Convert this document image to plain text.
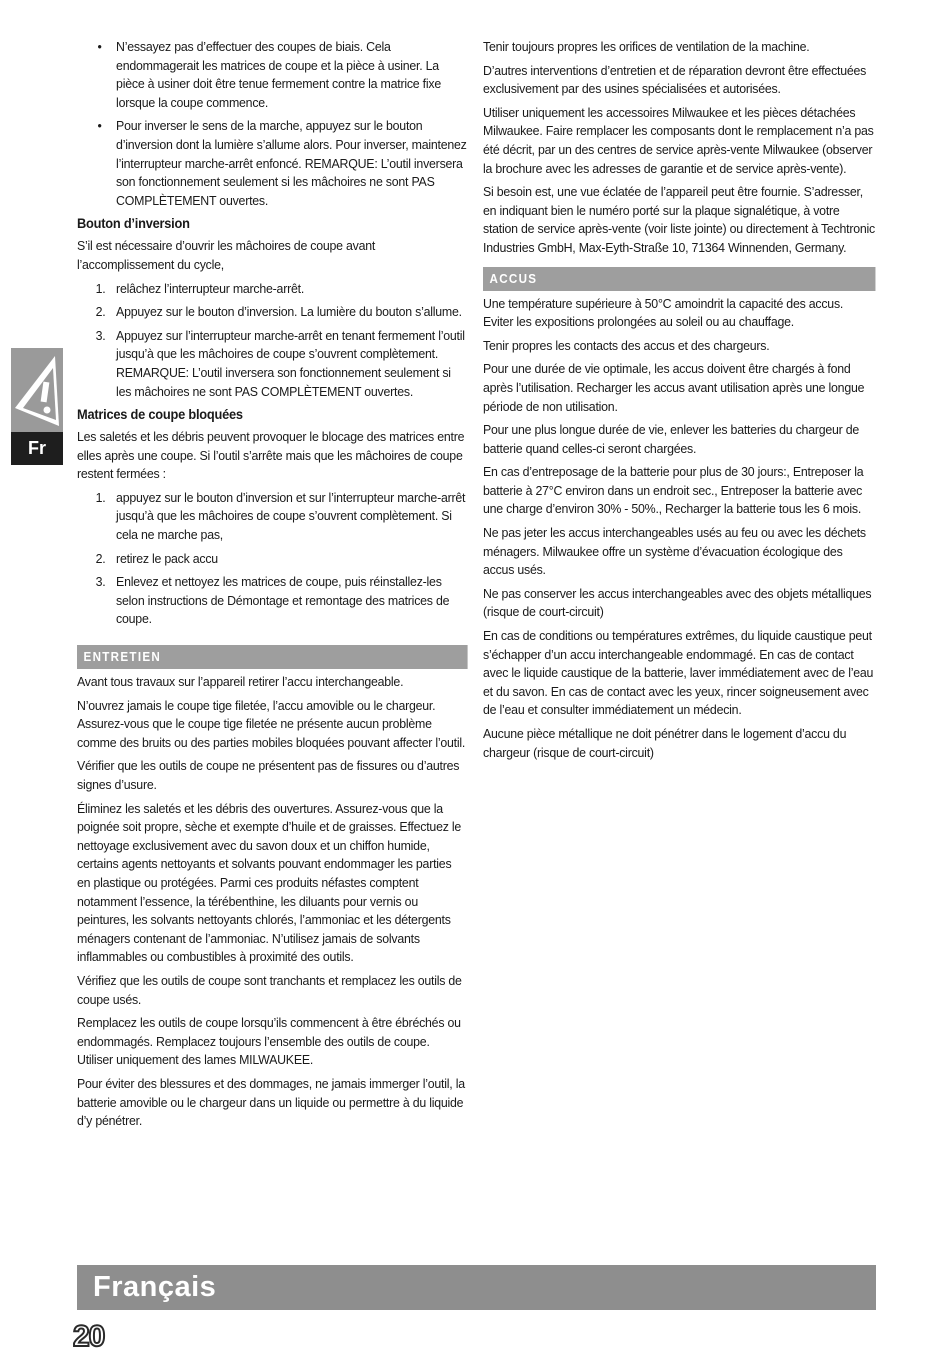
Fr
• N’essayez pas d’effectuer des coupes de biais. Cela endommagerait les matrices de coupe et la pièce à usiner. La pièce à usiner doit être tenue fermement contre la matrice fixe lorsque la coupe commence.
• Pour inverser le sens de la marche, appuyez sur le bouton d’inversion dont la lumière s’allume alors. Pour inverser, maintenez l’interrupteur marche-arrêt enfoncé. REMARQUE: L’outil inversera son fonctionnement seulement si les mâchoires ne sont PAS COMPLÈTEMENT ouvertes.
Bouton d’inversion

S’il est nécessaire d’ouvrir les mâchoires de coupe avant l’accomplissement du cycle,

1. relâchez l’interrupteur marche-arrêt.
2. Appuyez sur le bouton d’inversion. La lumière du bouton s’allume.
3. Appuyez sur l’interrupteur marche-arrêt en tenant fermement l’outil jusqu’à que les mâchoires de coupe s’ouvrent complètement. REMARQUE: L’outil inversera son fonctionnement seulement si les mâchoires ne sont PAS COMPLÈTEMENT ouvertes.
Matrices de coupe bloquées

Les saletés et les débris peuvent provoquer le blocage des matrices entre elles après une coupe. Si l’outil s’arrête mais que les mâchoires de coupe restent fermées :

1. appuyez sur le bouton d’inversion et sur l’interrupteur marche-arrêt jusqu’à que les mâchoires de coupe s’ouvrent complètement. Si cela ne marche pas,
2. retirez le pack accu
3. Enlevez et nettoyez les matrices de coupe, puis réinstallez-les selon instructions de Démontage et remontage des matrices de coupe.
ENTRETIEN

Avant tous travaux sur l’appareil retirer l’accu interchangeable.

N’ouvrez jamais le coupe tige filetée, l’accu amovible ou le chargeur. Assurez-vous que le coupe tige filetée ne présente aucun problème comme des bruits ou des parties mobiles bloquées pouvant affecter l’outil.

Vérifier que les outils de coupe ne présentent pas de fissures ou d’autres signes d’usure.

Éliminez les saletés et les débris des ouvertures. Assurez-vous que la poignée soit propre, sèche et exempte d’huile et de graisses. Effectuez le nettoyage exclusivement avec du savon doux et un chiffon humide, certains agents nettoyants et solvants pouvant endommager les parties en plastique ou protégées. Parmi ces produits néfastes comptent notamment l’essence, la térébenthine, les diluants pour vernis ou peintures, les solvants nettoyants chlorés, l’ammoniac et les détergents ménagers contenant de l’ammoniac. N’utilisez jamais de solvants inflammables ou combustibles à proximité des outils.

Vérifiez que les outils de coupe sont tranchants et remplacez les outils de coupe usés.

Remplacez les outils de coupe lorsqu’ils commencent à être ébréchés ou endommagés. Remplacez toujours l’ensemble des outils de coupe. Utiliser uniquement des lames MILWAUKEE.

Pour éviter des blessures et des dommages, ne jamais immerger l’outil, la batterie amovible ou le chargeur dans un liquide ou permettre à du liquide d’y pénétrer.

Tenir toujours propres les orifices de ventilation de la machine.

D’autres interventions d’entretien et de réparation devront être effectuées exclusivement par des usines spécialisées et autorisées.

Utiliser uniquement les accessoires Milwaukee et les pièces détachées Milwaukee. Faire remplacer les composants dont le remplacement n’a pas été décrit, par un des centres de service après-vente Milwaukee (observer la brochure avec les adresses de garantie et de service après-vente).

Si besoin est, une vue éclatée de l’appareil peut être fournie. S’adresser, en indiquant bien le numéro porté sur la plaque signalétique, à votre station de service après-vente (voir liste jointe) ou directement à Techtronic Industries GmbH, Max-Eyth-Straße 10, 71364 Winnenden, Germany.

ACCUS

Une température supérieure à 50°C amoindrit la capacité des accus. Eviter les expositions prolongées au soleil ou au chauffage.

Tenir propres les contacts des accus et des chargeurs.

Pour une durée de vie optimale, les accus doivent être chargés à fond après l’utilisation. Recharger les accus avant utilisation après une longue période de non utilisation.

Pour une plus longue durée de vie, enlever les batteries du chargeur de batterie quand celles-ci seront chargées.

En cas d’entreposage de la batterie pour plus de 30 jours:, Entreposer la batterie à 27°C environ dans un endroit sec., Entreposer la batterie avec une charge d’environ 30% - 50%., Recharger la batterie tous les 6 mois.

Ne pas jeter les accus interchangeables usés au feu ou avec les déchets ménagers. Milwaukee offre un système d’évacuation écologique des accus usés.

Ne pas conserver les accus interchangeables avec des objets métalliques (risque de court-circuit)

En cas de conditions ou températures extrêmes, du liquide caustique peut s’échapper d’un accu interchangeable endommagé. En cas de contact avec le liquide caustique de la batterie, laver immédiatement avec de l’eau et du savon. En cas de contact avec les yeux, rincer soigneusement avec de l’eau et consulter immédiatement un médecin.

Aucune pièce métallique ne doit pénétrer dans le logement d’accu du chargeur (risque de court-circuit)

Français
20
